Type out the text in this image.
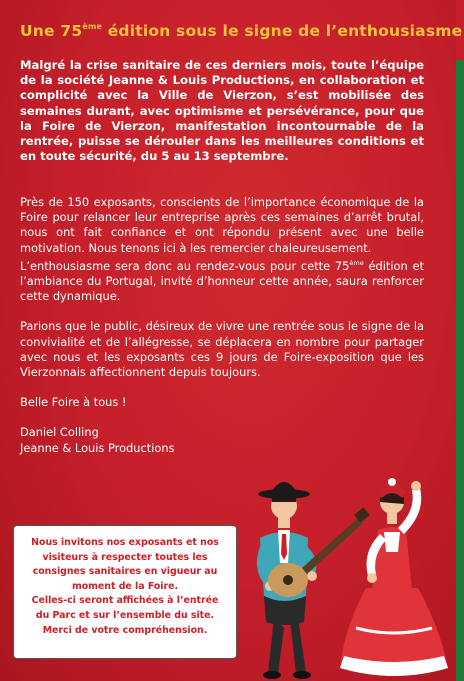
Une 75ème édition sous le signe de l’enthousiasme
Malgré la crise sanitaire de ces derniers mois, toute l’équipe de la société Jeanne & Louis Productions, en collaboration et complicité avec la Ville de Vierzon, s’est mobilisée des semaines durant, avec optimisme et persévérance, pour que la Foire de Vierzon, manifestation incontournable de la rentrée, puisse se dérouler dans les meilleures conditions et en toute sécurité, du 5 au 13 septembre.

Près de 150 exposants, conscients de l’importance économique de la Foire pour relancer leur entreprise après ces semaines d’arrêt brutal, nous ont fait confiance et ont répondu présent avec une belle motivation. Nous tenons ici à les remercier chaleureusement.

L’enthousiasme sera donc au rendez-vous pour cette 75ème édition et l’ambiance du Portugal, invité d’honneur cette année, saura renforcer cette dynamique.

Parions que le public, désireux de vivre une rentrée sous le signe de la convivialité et de l’allégresse, se déplacera en nombre pour partager avec nous et les exposants ces 9 jours de Foire-exposition que les Vierzonnais affectionnent depuis toujours.

Belle Foire à tous !

Daniel Colling

Jeanne & Louis Productions

Nous invitons nos exposants et nos
visiteurs à respecter toutes les
consignes sanitaires en vigueur au
moment de la Foire.
Celles-ci seront affichées à l’entrée
du Parc et sur l’ensemble du site.
Merci de votre compréhension.
